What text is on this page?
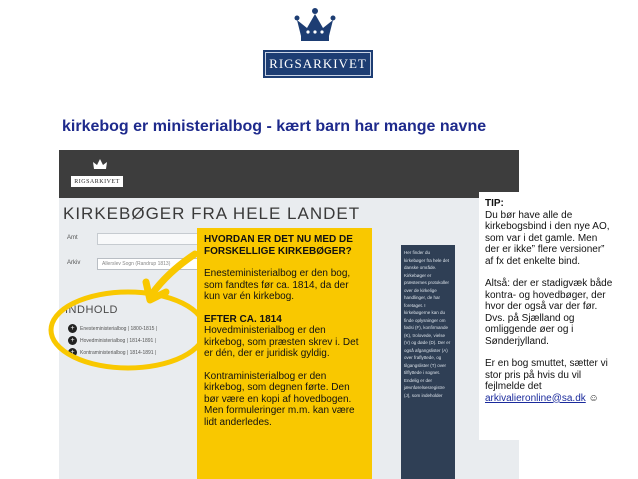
RIGSARKIVET
kirkebog er ministerialbog - kært barn har mange navne
RIGSARKIVET
KIRKEBØGER FRA HELE LANDET
Amt
Arkiv	Allerslev Sogn (Randrup 1813)
INDHOLD
+	Enesteministerialbog | 1800-1815 |
+	Hovedministerialbog | 1814-1891 |
+	Kontraministerialbog | 1814-1891 |
Her finder du kirkebøger fra hele det danske område. Kirkebøger er præsternes protokoller over de kirkelige handlinger, de har foretaget. I kirkebøgerne kan du finde oplysninger om fødsi (F), konfirmande (K), trolovede, vielse (V) og døde (D). Der er også afgangslister (A) over fraflyttede, og tilgangslister (T) over tilflyttede i sognet. Endelig er der jævnførelsesregistre (J), som indeholder

HVORDAN ER DET NU MED DE FORSKELLIGE KIRKEBØGER?

Enesteministerialbog er den bog, som fandtes før ca. 1814, da der kun var én kirkebog.

EFTER CA. 1814

Hovedministerialbog er den kirkebog, som præsten skrev i. Det er dén, der er juridisk gyldig.

Kontraministerialbog er den kirkebog, som degnen førte. Den bør være en kopi af hovedbogen. Men formuleringer m.m. kan være lidt anderledes.

TIP:

Du bør have alle de kirkebogsbind i den nye AO, som var i det gamle. Men der er ikke” flere versioner” af fx det enkelte bind.

Altså: der er stadigvæk både kontra- og hovedbøger, der hvor der også var der før. Dvs. på Sjælland og omliggende øer og i Sønderjylland.

Er en bog smuttet, sætter vi stor pris på hvis du vil fejlmelde det arkivalieronline@sa.dk ☺
